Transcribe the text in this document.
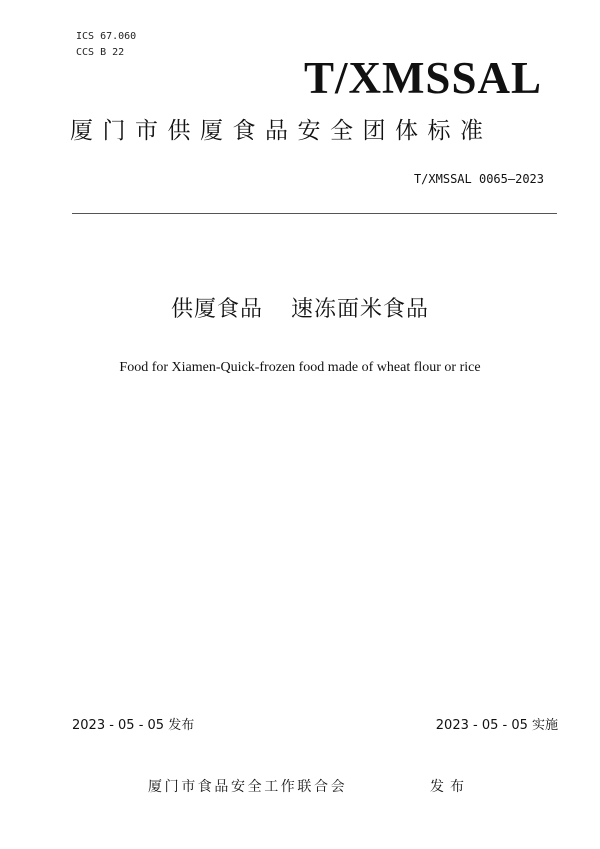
ICS 67.060
CCS B 22
T/XMSSAL
厦门市供厦食品安全团体标准
T/XMSSAL 0065—2023
供厦食品 速冻面米食品
Food for Xiamen-Quick-frozen food made of wheat flour or rice
2023 - 05 - 05 发布	2023 - 05 - 05 实施
厦门市食品安全工作联合会	发布
